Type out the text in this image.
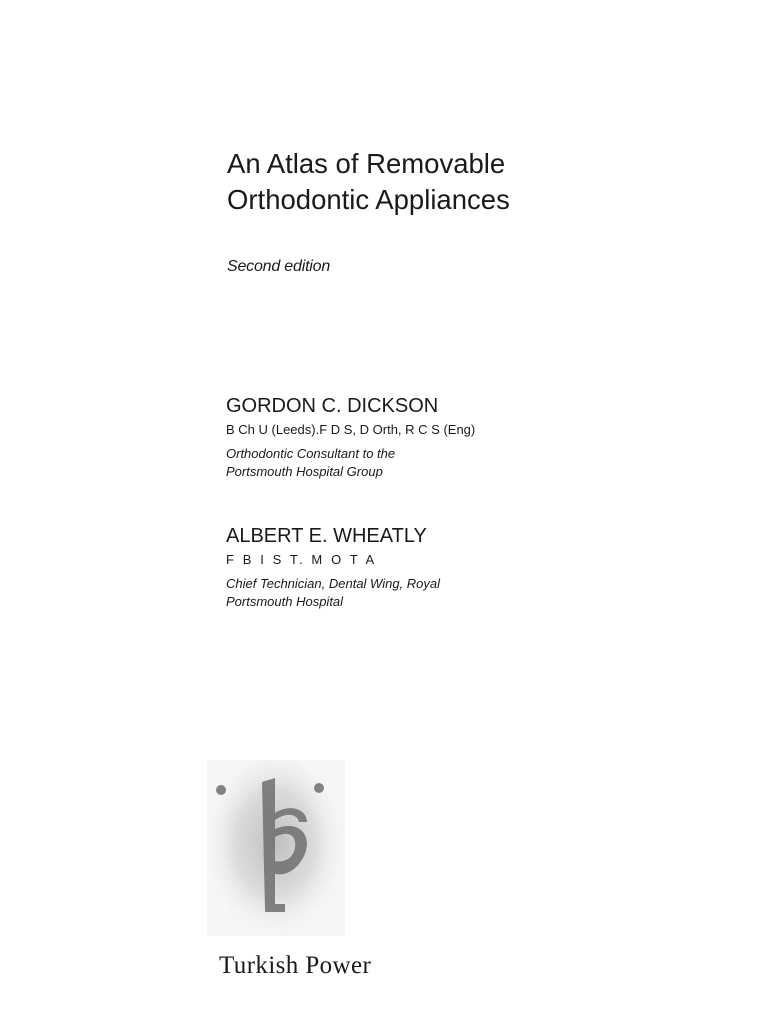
An Atlas of Removable
Orthodontic Appliances
Second edition
GORDON C. DICKSON
B Ch U (Leeds).F D S, D Orth, R C S (Eng)
Orthodontic Consultant to the
Portsmouth Hospital Group
ALBERT E. WHEATLY
F B I S T. M O T A
Chief Technician, Dental Wing, Royal
Portsmouth Hospital
Turkish Power
